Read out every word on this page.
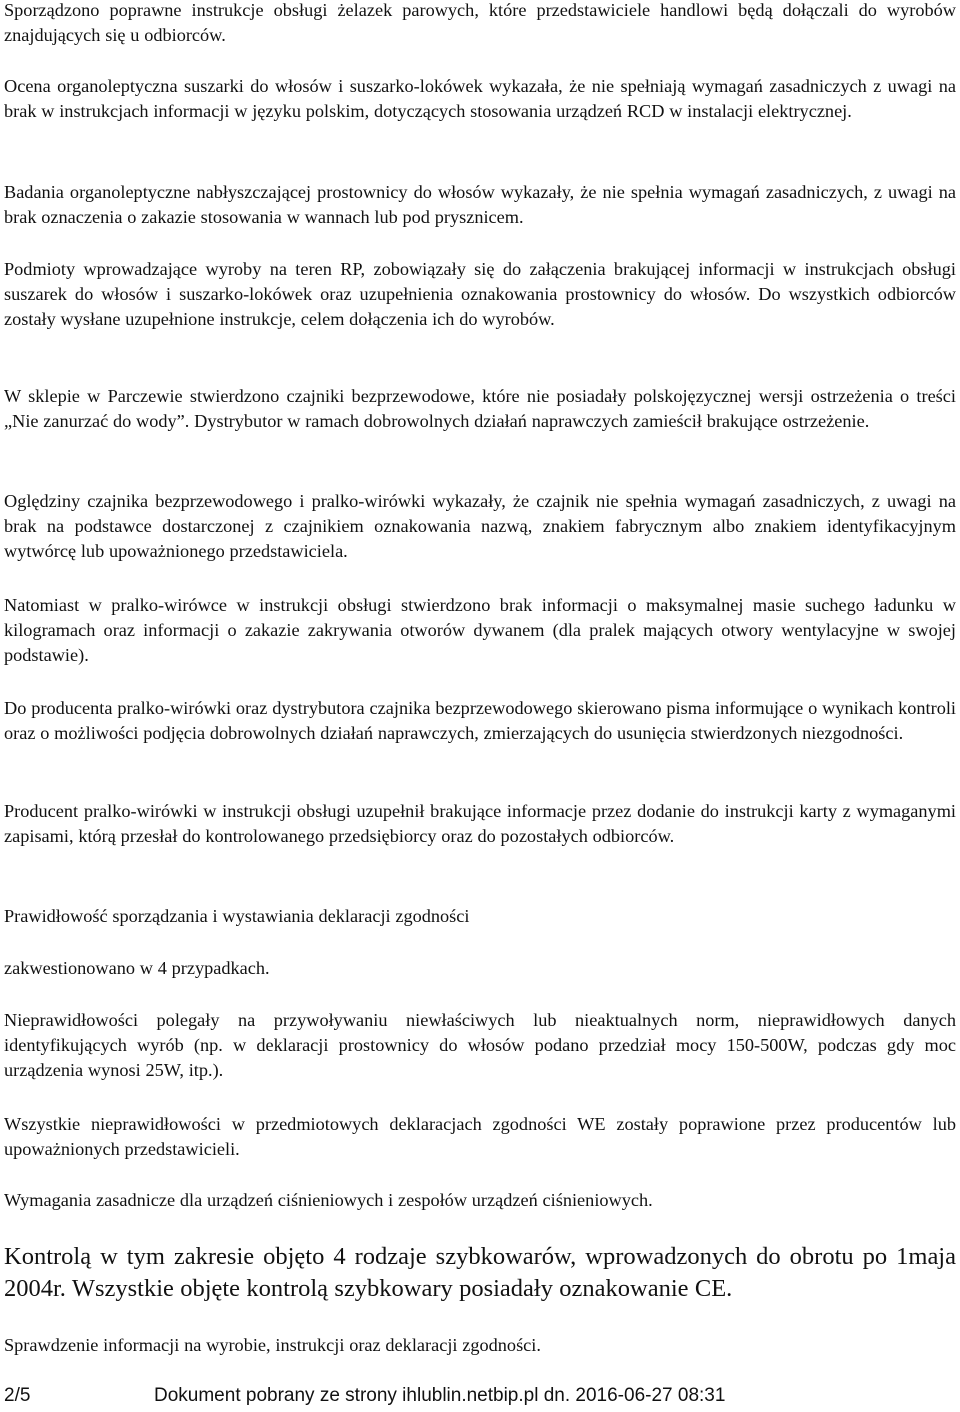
Sporządzono poprawne instrukcje obsługi żelazek parowych, które przedstawiciele handlowi będą dołączali do wyrobów znajdujących się u odbiorców.

Ocena organoleptyczna suszarki do włosów i suszarko-lokówek wykazała, że nie spełniają wymagań zasadniczych z uwagi na brak w instrukcjach informacji w języku polskim, dotyczących stosowania urządzeń RCD w instalacji elektrycznej.

Badania organoleptyczne nabłyszczającej prostownicy do włosów wykazały, że nie spełnia wymagań zasadniczych, z uwagi na brak oznaczenia o zakazie stosowania w wannach lub pod prysznicem.

Podmioty wprowadzające wyroby na teren RP, zobowiązały się do załączenia brakującej informacji w instrukcjach obsługi suszarek do włosów i suszarko-lokówek oraz uzupełnienia oznakowania prostownicy do włosów. Do wszystkich odbiorców zostały wysłane uzupełnione instrukcje, celem dołączenia ich do wyrobów.

W sklepie w Parczewie stwierdzono czajniki bezprzewodowe, które nie posiadały polskojęzycznej wersji ostrzeżenia o treści „Nie zanurzać do wody”. Dystrybutor w ramach dobrowolnych działań naprawczych zamieścił brakujące ostrzeżenie.

Oględziny czajnika bezprzewodowego i pralko-wirówki wykazały, że czajnik nie spełnia wymagań zasadniczych, z uwagi na brak na podstawce dostarczonej z czajnikiem oznakowania nazwą, znakiem fabrycznym albo znakiem identyfikacyjnym wytwórcę lub upoważnionego przedstawiciela.

Natomiast w pralko-wirówce w instrukcji obsługi stwierdzono brak informacji o maksymalnej masie suchego ładunku w kilogramach oraz informacji o zakazie zakrywania otworów dywanem (dla pralek mających otwory wentylacyjne w swojej podstawie).

Do producenta pralko-wirówki oraz dystrybutora czajnika bezprzewodowego skierowano pisma informujące o wynikach kontroli oraz o możliwości podjęcia dobrowolnych działań naprawczych, zmierzających do usunięcia stwierdzonych niezgodności.

Producent pralko-wirówki w instrukcji obsługi uzupełnił brakujące informacje przez dodanie do instrukcji karty z wymaganymi zapisami, którą przesłał do kontrolowanego przedsiębiorcy oraz do pozostałych odbiorców.

Prawidłowość sporządzania i wystawiania deklaracji zgodności

zakwestionowano w 4 przypadkach.

Nieprawidłowości polegały na przywoływaniu niewłaściwych lub nieaktualnych norm, nieprawidłowych danych identyfikujących wyrób (np. w deklaracji prostownicy do włosów podano przedział mocy 150-500W, podczas gdy moc urządzenia wynosi 25W, itp.).

Wszystkie nieprawidłowości w przedmiotowych deklaracjach zgodności WE zostały poprawione przez producentów lub upoważnionych przedstawicieli.

Wymagania zasadnicze dla urządzeń ciśnieniowych i zespołów urządzeń ciśnieniowych.

Kontrolą w tym zakresie objęto 4 rodzaje szybkowarów, wprowadzonych do obrotu po 1maja 2004r. Wszystkie objęte kontrolą szybkowary posiadały oznakowanie CE.

Sprawdzenie informacji na wyrobie, instrukcji oraz deklaracji zgodności.

2/5	Dokument pobrany ze strony ihlublin.netbip.pl dn. 2016-06-27 08:31
